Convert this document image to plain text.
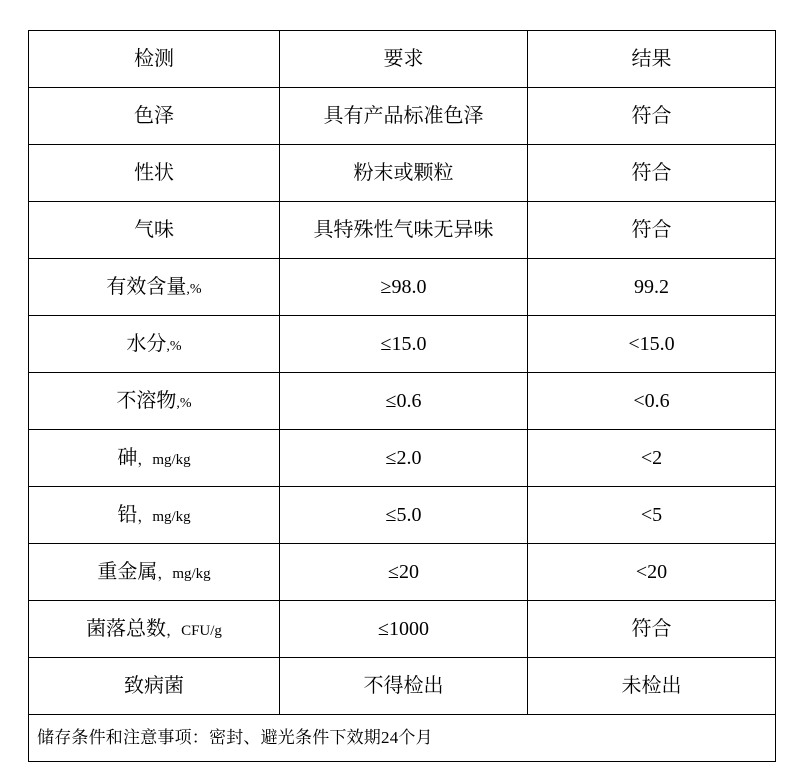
检测	要求	结果
色泽	具有产品标准色泽	符合
性状	粉末或颗粒	符合
气味	具特殊性气味无异味	符合
有效含量,%	≥98.0	99.2
水分,%	≤15.0	<15.0
不溶物,%	≤0.6	<0.6
砷，mg/kg	≤2.0	<2
铅，mg/kg	≤5.0	<5
重金属，mg/kg	≤20	<20
菌落总数，CFU/g	≤1000	符合
致病菌	不得检出	未检出

储存条件和注意事项：密封、避光条件下效期24个月		
